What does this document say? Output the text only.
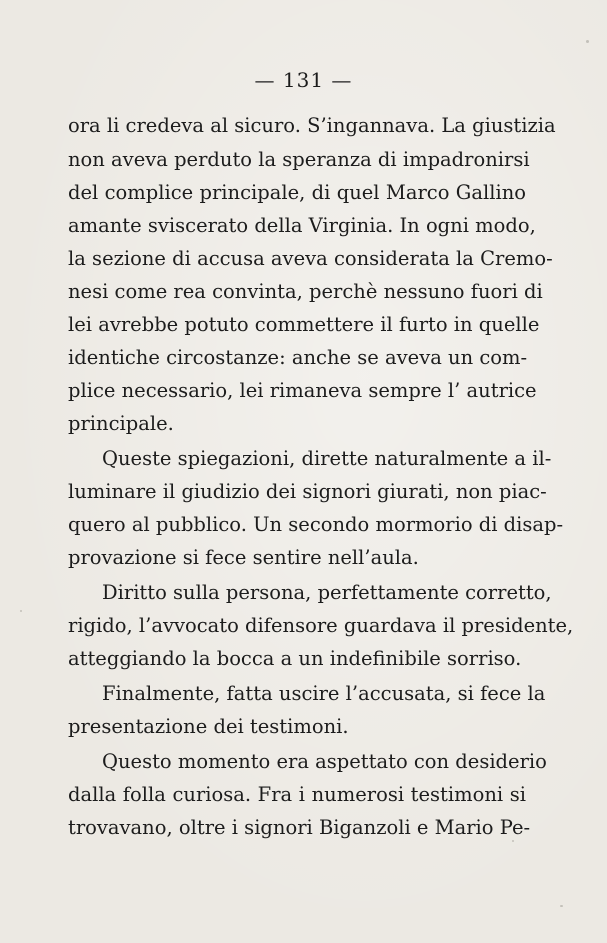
— 131 —
ora li credeva al sicuro. S’ingannava. La giustizia
non aveva perduto la speranza di impadronirsi
del complice principale, di quel Marco Gallino
amante sviscerato della Virginia. In ogni modo,
la sezione di accusa aveva considerata la Cremo-
nesi come rea convinta, perchè nessuno fuori di
lei avrebbe potuto commettere il furto in quelle
identiche circostanze: anche se aveva un com-
plice necessario, lei rimaneva sempre l’ autrice
principale.
Queste spiegazioni, dirette naturalmente a il-
luminare il giudizio dei signori giurati, non piac-
quero al pubblico. Un secondo mormorio di disap-
provazione si fece sentire nell’aula.
Diritto sulla persona, perfettamente corretto,
rigido, l’avvocato difensore guardava il presidente,
atteggiando la bocca a un indefinibile sorriso.
Finalmente, fatta uscire l’accusata, si fece la
presentazione dei testimoni.
Questo momento era aspettato con desiderio
dalla folla curiosa. Fra i numerosi testimoni si
trovavano, oltre i signori Biganzoli e Mario Pe-
